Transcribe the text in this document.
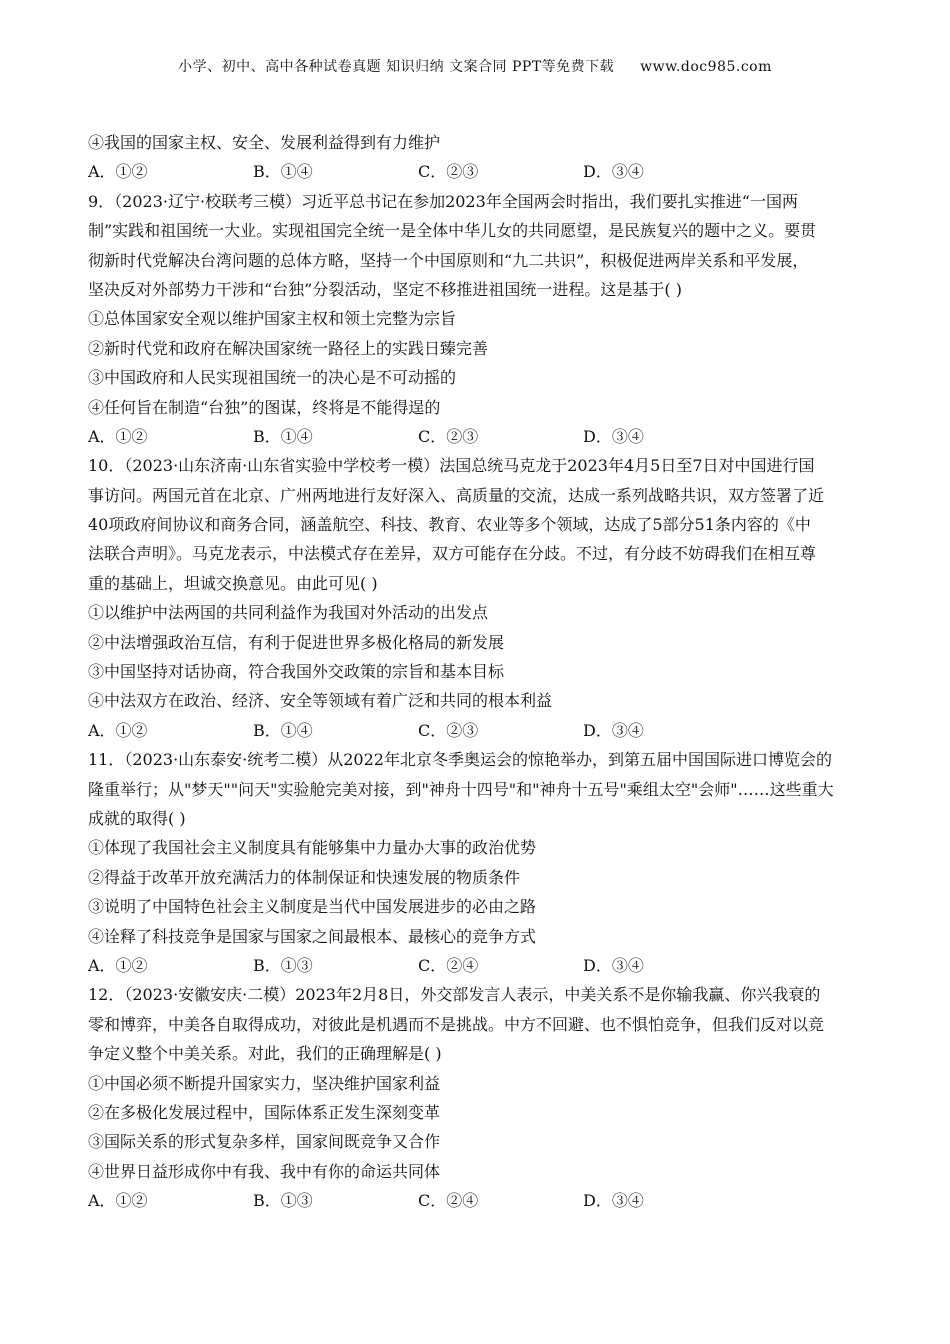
小学、初中、高中各种试卷真题 知识归纳 文案合同 PPT等免费下载 www.doc985.com
④我国的国家主权、安全、发展利益得到有力维护
A．①②	B．①④	C．②③	D．③④
9．（2023·辽宁·校联考三模）习近平总书记在参加2023年全国两会时指出，我们要扎实推进“一国两
制”实践和祖国统一大业。实现祖国完全统一是全体中华儿女的共同愿望，是民族复兴的题中之义。要贯
彻新时代党解决台湾问题的总体方略，坚持一个中国原则和“九二共识”，积极促进两岸关系和平发展，
坚决反对外部势力干涉和“台独”分裂活动，坚定不移推进祖国统一进程。这是基于( )
①总体国家安全观以维护国家主权和领土完整为宗旨
②新时代党和政府在解决国家统一路径上的实践日臻完善
③中国政府和人民实现祖国统一的决心是不可动摇的
④任何旨在制造“台独”的图谋，终将是不能得逞的
A．①②	B．①④	C．②③	D．③④
10．（2023·山东济南·山东省实验中学校考一模）法国总统马克龙于2023年4月5日至7日对中国进行国
事访问。两国元首在北京、广州两地进行友好深入、高质量的交流，达成一系列战略共识，双方签署了近
40项政府间协议和商务合同，涵盖航空、科技、教育、农业等多个领域，达成了5部分51条内容的《中
法联合声明》。马克龙表示，中法模式存在差异，双方可能存在分歧。不过，有分歧不妨碍我们在相互尊
重的基础上，坦诚交换意见。由此可见( )
①以维护中法两国的共同利益作为我国对外活动的出发点
②中法增强政治互信，有利于促进世界多极化格局的新发展
③中国坚持对话协商，符合我国外交政策的宗旨和基本目标
④中法双方在政治、经济、安全等领域有着广泛和共同的根本利益
A．①②	B．①④	C．②③	D．③④
11．（2023·山东泰安·统考二模）从2022年北京冬季奥运会的惊艳举办，到第五届中国国际进口博览会的
隆重举行；从"梦天""问天"实验舱完美对接，到"神舟十四号"和"神舟十五号"乘组太空"会师"……这些重大
成就的取得( )
①体现了我国社会主义制度具有能够集中力量办大事的政治优势
②得益于改革开放充满活力的体制保证和快速发展的物质条件
③说明了中国特色社会主义制度是当代中国发展进步的必由之路
④诠释了科技竞争是国家与国家之间最根本、最核心的竞争方式
A．①②	B．①③	C．②④	D．③④
12．（2023·安徽安庆·二模）2023年2月8日，外交部发言人表示，中美关系不是你输我赢、你兴我衰的
零和博弈，中美各自取得成功，对彼此是机遇而不是挑战。中方不回避、也不惧怕竞争，但我们反对以竞
争定义整个中美关系。对此，我们的正确理解是( )
①中国必须不断提升国家实力，坚决维护国家利益
②在多极化发展过程中，国际体系正发生深刻变革
③国际关系的形式复杂多样，国家间既竞争又合作
④世界日益形成你中有我、我中有你的命运共同体
A．①②	B．①③	C．②④	D．③④
